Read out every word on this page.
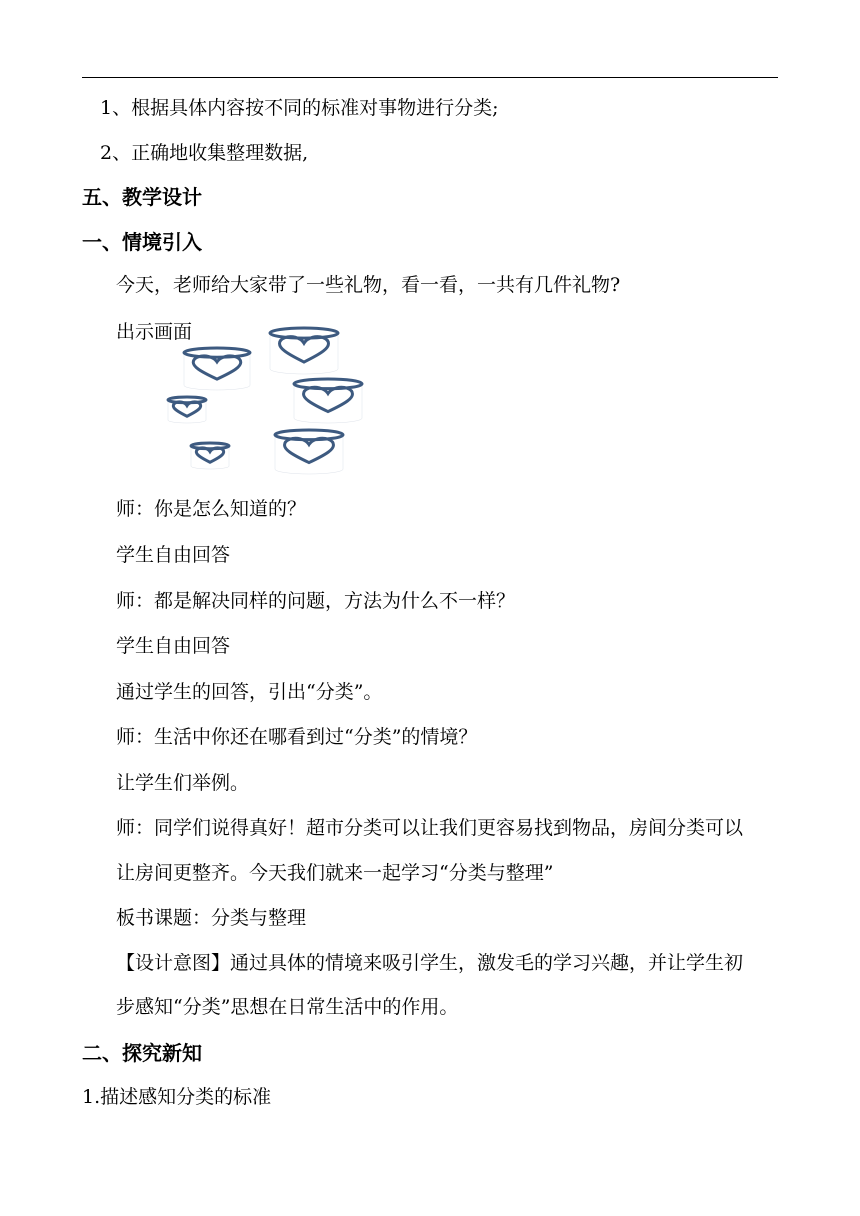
1、根据具体内容按不同的标准对事物进行分类;
2、正确地收集整理数据,
五、教学设计
一、情境引入
今天，老师给大家带了一些礼物，看一看，一共有几件礼物?
出示画面
师：你是怎么知道的？
学生自由回答
师：都是解决同样的问题，方法为什么不一样？
学生自由回答
通过学生的回答，引出“分类”。
师：生活中你还在哪看到过“分类”的情境？
让学生们举例。
师：同学们说得真好！超市分类可以让我们更容易找到物品，房间分类可以
让房间更整齐。今天我们就来一起学习“分类与整理”
板书课题：分类与整理
【设计意图】通过具体的情境来吸引学生，激发毛的学习兴趣，并让学生初
步感知“分类”思想在日常生活中的作用。
二、探究新知
1.描述感知分类的标准
